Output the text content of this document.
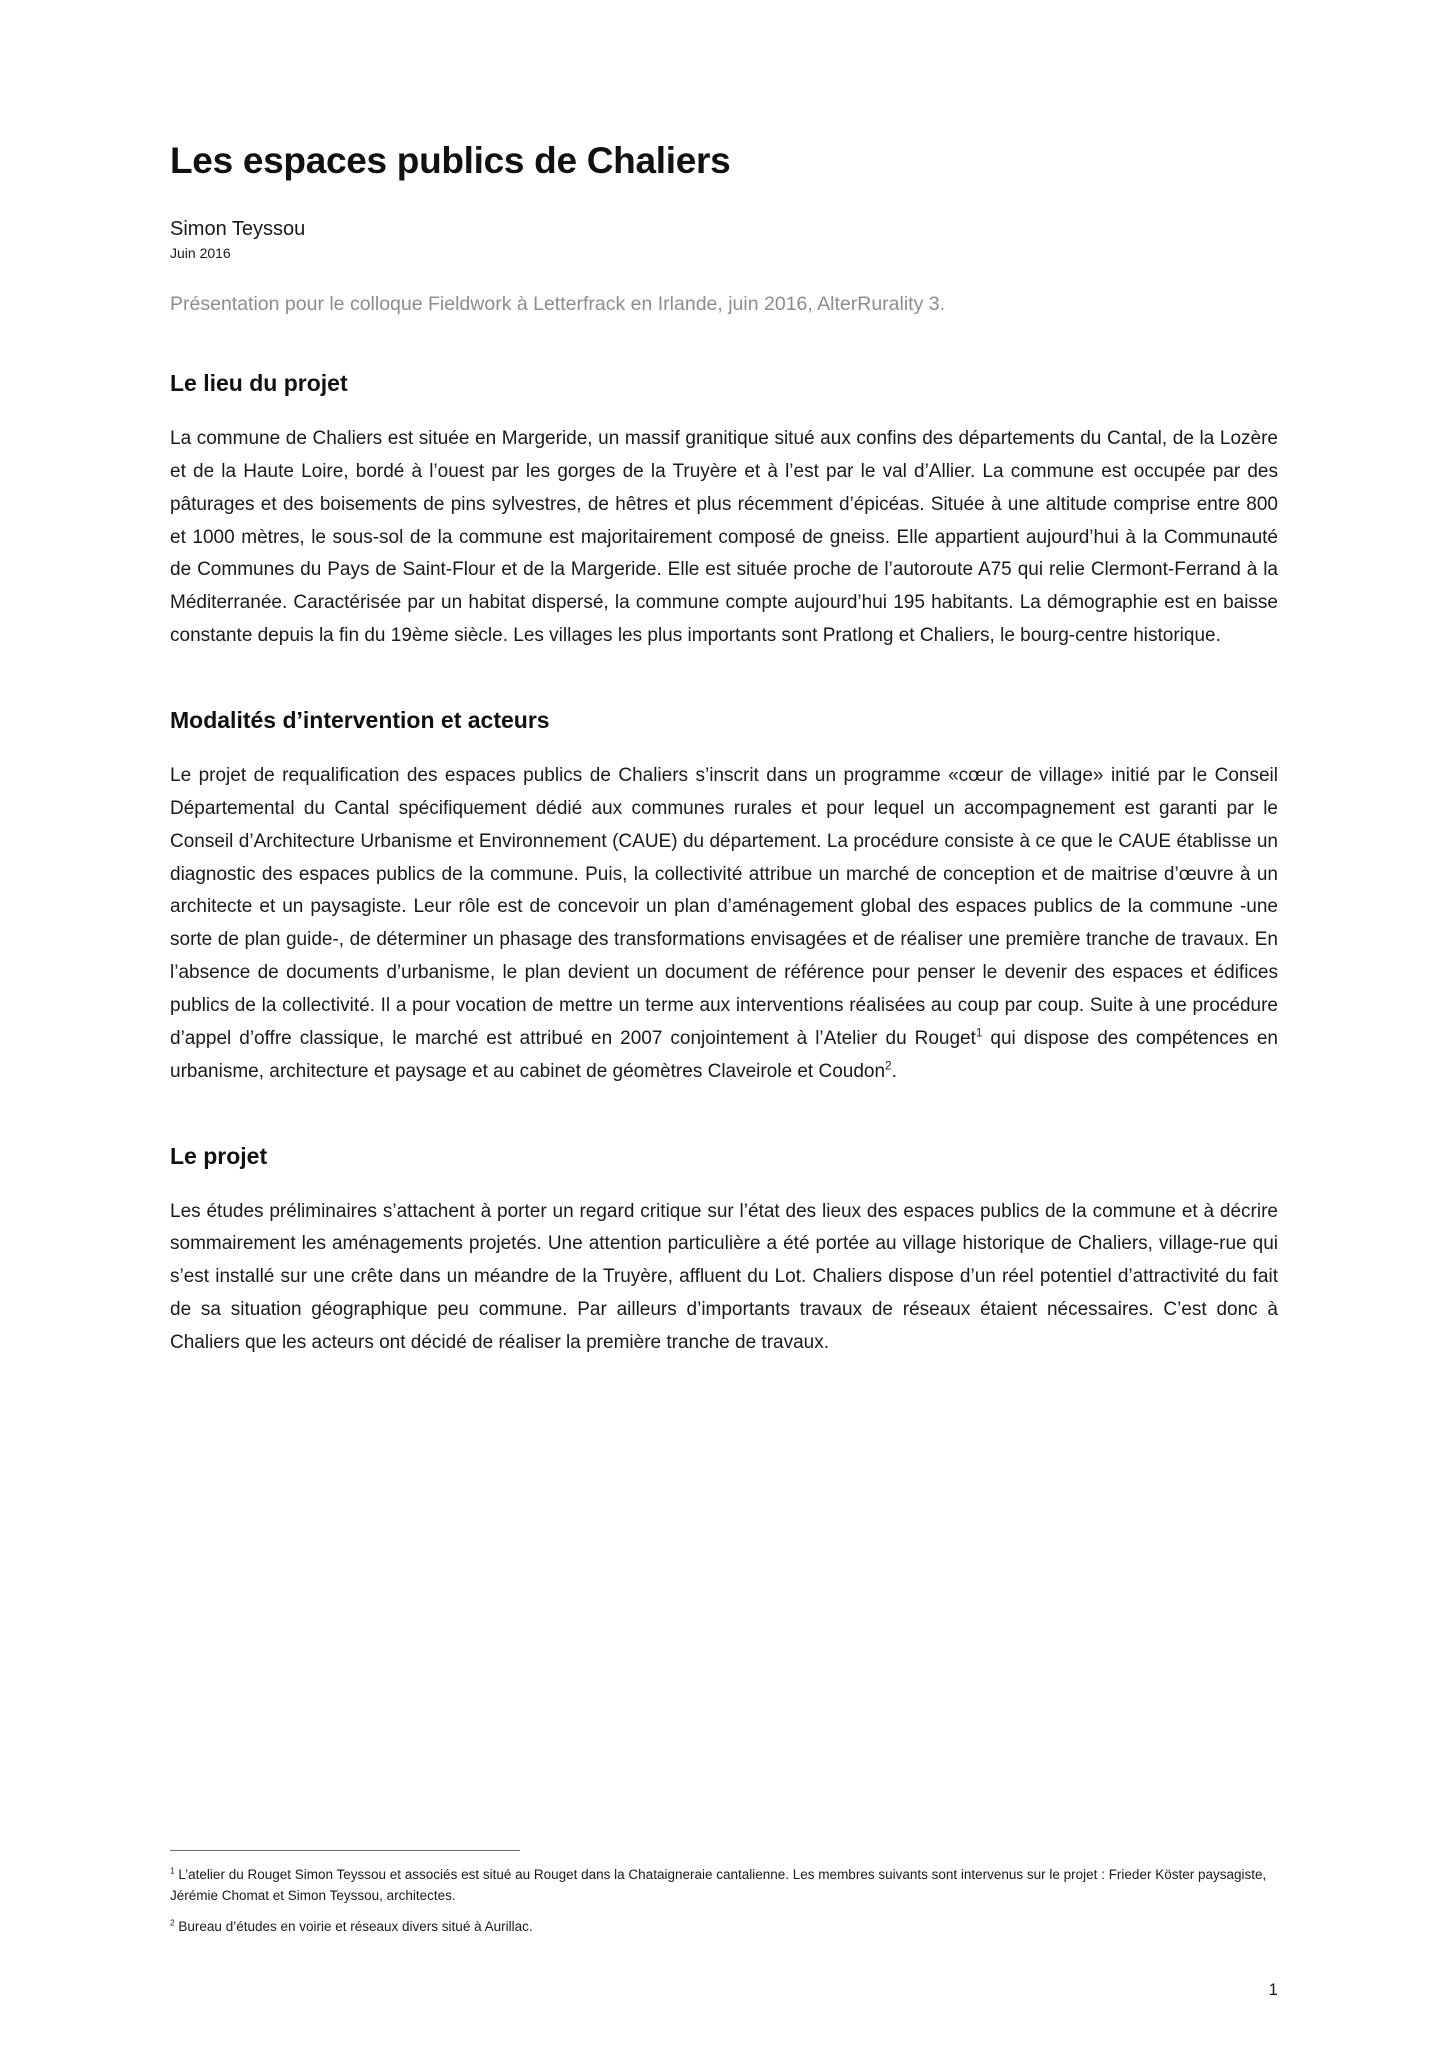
Les espaces publics de Chaliers

Simon Teyssou

Juin 2016

Présentation pour le colloque Fieldwork à Letterfrack en Irlande, juin 2016, AlterRurality 3.

Le lieu du projet

La commune de Chaliers est située en Margeride, un massif granitique situé aux confins des départements du Cantal, de la Lozère et de la Haute Loire, bordé à l’ouest par les gorges de la Truyère et à l’est par le val d’Allier. La commune est occupée par des pâturages et des boisements de pins sylvestres, de hêtres et plus récemment d’épicéas. Située à une altitude comprise entre 800 et 1000 mètres, le sous-sol de la commune est majoritairement composé de gneiss. Elle appartient aujourd’hui à la Communauté de Communes du Pays de Saint-Flour et de la Margeride. Elle est située proche de l’autoroute A75 qui relie Clermont-Ferrand à la Méditerranée. Caractérisée par un habitat dispersé, la commune compte aujourd’hui 195 habitants. La démographie est en baisse constante depuis la fin du 19ème siècle. Les villages les plus importants sont Pratlong et Chaliers, le bourg-centre historique.

Modalités d’intervention et acteurs

Le projet de requalification des espaces publics de Chaliers s’inscrit dans un programme «cœur de village» initié par le Conseil Départemental du Cantal spécifiquement dédié aux communes rurales et pour lequel un accompagnement est garanti par le Conseil d’Architecture Urbanisme et Environnement (CAUE) du département. La procédure consiste à ce que le CAUE établisse un diagnostic des espaces publics de la commune. Puis, la collectivité attribue un marché de conception et de maitrise d’œuvre à un architecte et un paysagiste. Leur rôle est de concevoir un plan d’aménagement global des espaces publics de la commune -une sorte de plan guide-, de déterminer un phasage des transformations envisagées et de réaliser une première tranche de travaux. En l’absence de documents d’urbanisme, le plan devient un document de référence pour penser le devenir des espaces et édifices publics de la collectivité. Il a pour vocation de mettre un terme aux interventions réalisées au coup par coup. Suite à une procédure d’appel d’offre classique, le marché est attribué en 2007 conjointement à l’Atelier du Rouget$^1$ qui dispose des compétences en urbanisme, architecture et paysage et au cabinet de géomètres Claveirole et Coudon$^2$.

Le projet

Les études préliminaires s’attachent à porter un regard critique sur l’état des lieux des espaces publics de la commune et à décrire sommairement les aménagements projetés. Une attention particulière a été portée au village historique de Chaliers, village-rue qui s’est installé sur une crête dans un méandre de la Truyère, affluent du Lot. Chaliers dispose d’un réel potentiel d’attractivité du fait de sa situation géographique peu commune. Par ailleurs d’importants travaux de réseaux étaient nécessaires. C’est donc à Chaliers que les acteurs ont décidé de réaliser la première tranche de travaux.

$^1$ L’atelier du Rouget Simon Teyssou et associés est situé au Rouget dans la Chataigneraie cantalienne. Les membres suivants sont intervenus sur le projet : Frieder Köster paysagiste, Jérémie Chomat et Simon Teyssou, architectes.

$^2$ Bureau d’études en voirie et réseaux divers situé à Aurillac.

1
